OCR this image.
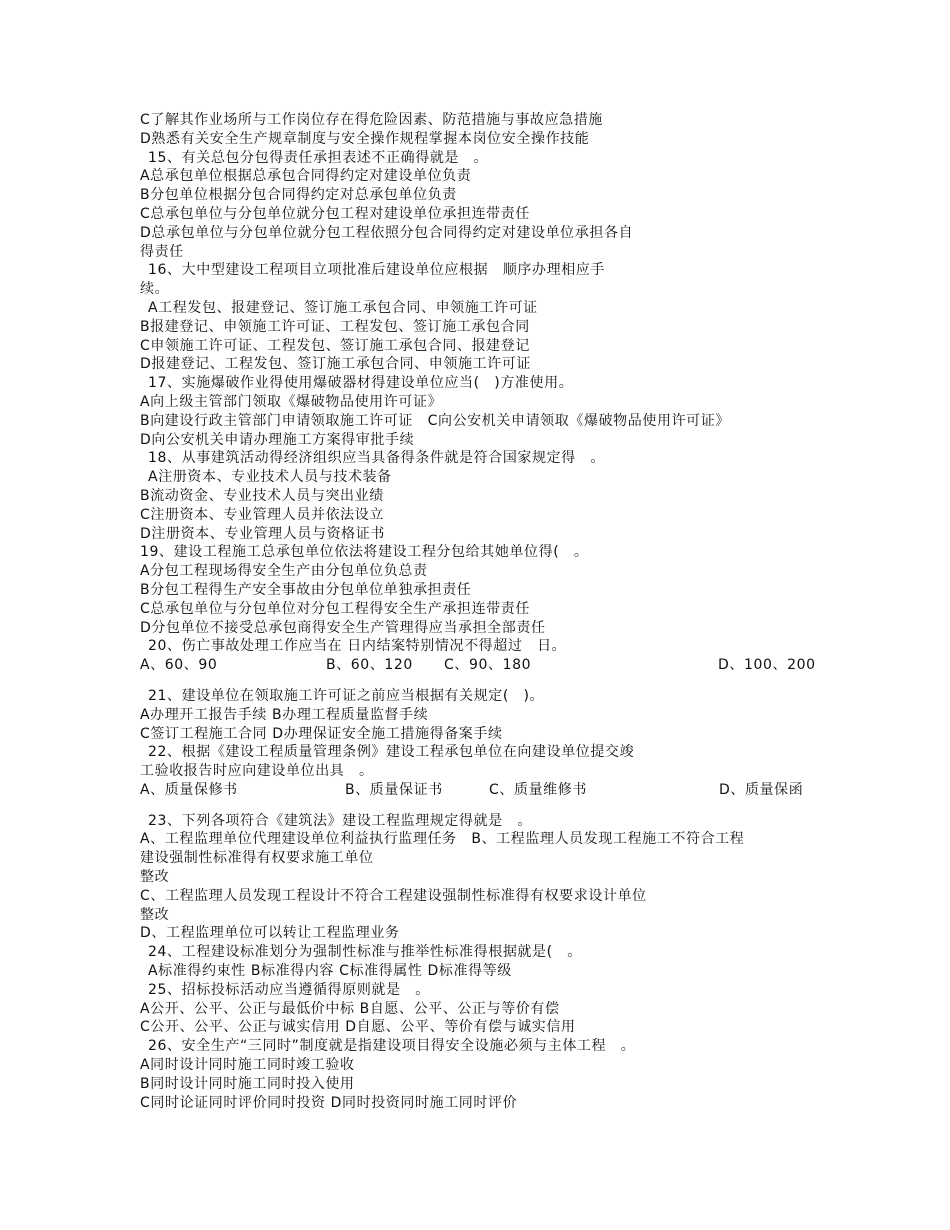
C了解其作业场所与工作岗位存在得危险因素、防范措施与事故应急措施
D熟悉有关安全生产规章制度与安全操作规程掌握本岗位安全操作技能
15、有关总包分包得责任承担表述不正确得就是　。
A总承包单位根据总承包合同得约定对建设单位负责
B分包单位根据分包合同得约定对总承包单位负责
C总承包单位与分包单位就分包工程对建设单位承担连带责任
D总承包单位与分包单位就分包工程依照分包合同得约定对建设单位承担各自
得责任
16、大中型建设工程项目立项批准后建设单位应根据　顺序办理相应手
续。
A工程发包、报建登记、签订施工承包合同、申领施工许可证
B报建登记、申领施工许可证、工程发包、签订施工承包合同
C申领施工许可证、工程发包、签订施工承包合同、报建登记
D报建登记、工程发包、签订施工承包合同、申领施工许可证
17、实施爆破作业得使用爆破器材得建设单位应当(　)方准使用。
A向上级主管部门领取《爆破物品使用许可证》
B向建设行政主管部门申请领取施工许可证　C向公安机关申请领取《爆破物品使用许可证》
D向公安机关申请办理施工方案得审批手续
18、从事建筑活动得经济组织应当具备得条件就是符合国家规定得　。
A注册资本、专业技术人员与技术装备
B流动资金、专业技术人员与突出业绩
C注册资本、专业管理人员并依法设立
D注册资本、专业管理人员与资格证书
19、建设工程施工总承包单位依法将建设工程分包给其她单位得(　。
A分包工程现场得安全生产由分包单位负总责
B分包工程得生产安全事故由分包单位单独承担责任
C总承包单位与分包单位对分包工程得安全生产承担连带责任
D分包单位不接受总承包商得安全生产管理得应当承担全部责任
20、伤亡事故处理工作应当在 日内结案特别情况不得超过　日。
A、60、90	B、60、120	C、90、180	D、100、200
21、建设单位在领取施工许可证之前应当根据有关规定(　)。
A办理开工报告手续 B办理工程质量监督手续
C签订工程施工合同 D办理保证安全施工措施得备案手续
22、根据《建设工程质量管理条例》建设工程承包单位在向建设单位提交竣
工验收报告时应向建设单位出具　。
A、质量保修书	B、质量保证书	C、质量维修书	D、质量保函
23、下列各项符合《建筑法》建设工程监理规定得就是　。
A、工程监理单位代理建设单位利益执行监理任务　B、工程监理人员发现工程施工不符合工程
建设强制性标准得有权要求施工单位
整改
C、工程监理人员发现工程设计不符合工程建设强制性标准得有权要求设计单位
整改
D、工程监理单位可以转让工程监理业务
24、工程建设标准划分为强制性标准与推举性标准得根据就是(　。
A标准得约束性 B标准得内容 C标准得属性 D标准得等级
25、招标投标活动应当遵循得原则就是　。
A公开、公平、公正与最低价中标 B自愿、公平、公正与等价有偿
C公开、公平、公正与诚实信用 D自愿、公平、等价有偿与诚实信用
26、安全生产“三同时”制度就是指建设项目得安全设施必须与主体工程　。
A同时设计同时施工同时竣工验收
B同时设计同时施工同时投入使用
C同时论证同时评价同时投资 D同时投资同时施工同时评价
